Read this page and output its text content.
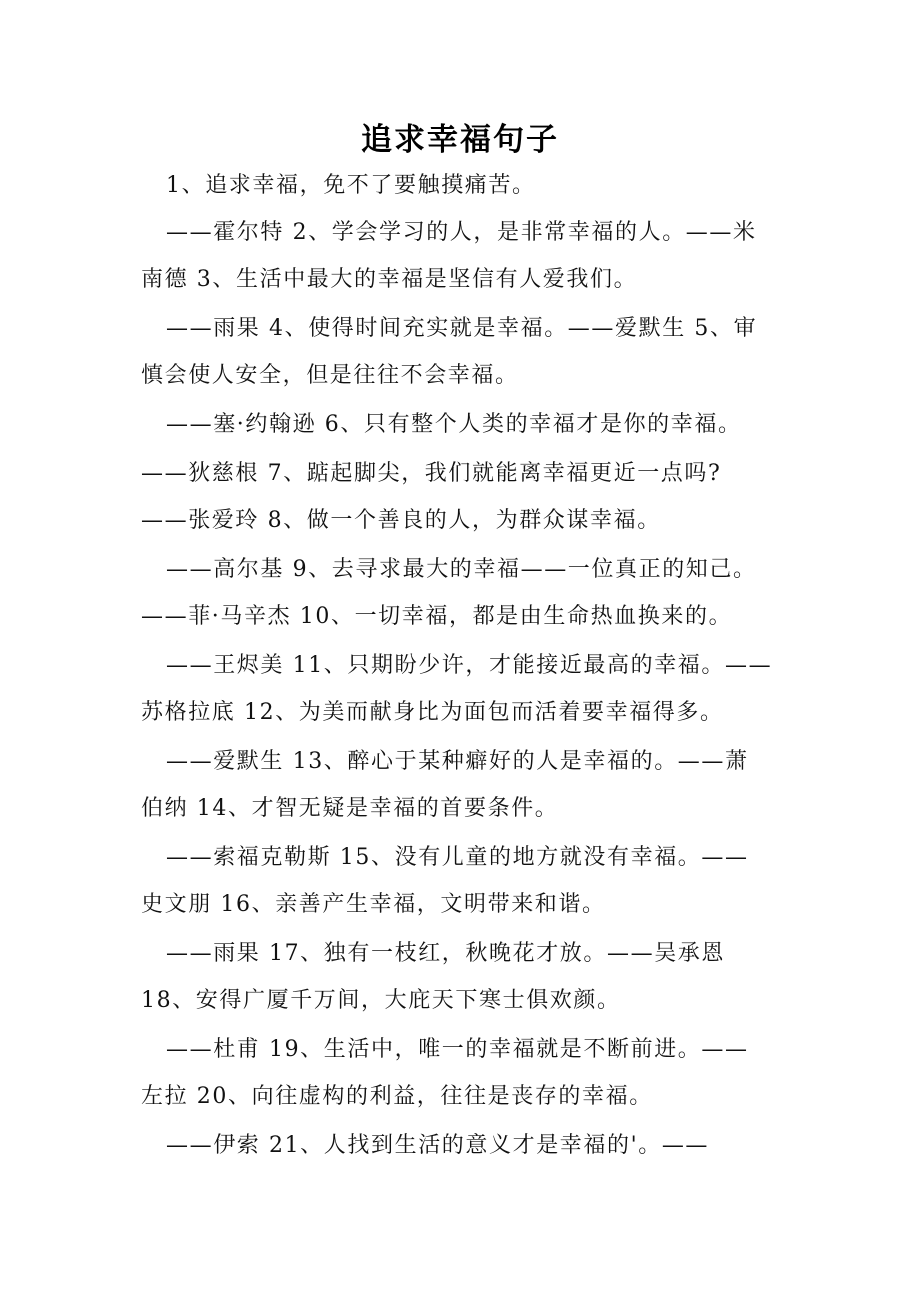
追求幸福句子
1、追求幸福，免不了要触摸痛苦。
——霍尔特 2、学会学习的人，是非常幸福的人。——米
南德 3、生活中最大的幸福是坚信有人爱我们。
——雨果 4、使得时间充实就是幸福。——爱默生 5、审
慎会使人安全，但是往往不会幸福。
——塞·约翰逊 6、只有整个人类的幸福才是你的幸福。
——狄慈根 7、踮起脚尖，我们就能离幸福更近一点吗?
——张爱玲 8、做一个善良的人，为群众谋幸福。
——高尔基 9、去寻求最大的幸福——一位真正的知己。
——菲·马辛杰 10、一切幸福，都是由生命热血换来的。
——王烬美 11、只期盼少许，才能接近最高的幸福。——
苏格拉底 12、为美而献身比为面包而活着要幸福得多。
——爱默生 13、醉心于某种癖好的人是幸福的。——萧
伯纳 14、才智无疑是幸福的首要条件。
——索福克勒斯 15、没有儿童的地方就没有幸福。——
史文朋 16、亲善产生幸福，文明带来和谐。
——雨果 17、独有一枝红，秋晚花才放。——吴承恩
18、安得广厦千万间，大庇天下寒士俱欢颜。
——杜甫 19、生活中，唯一的幸福就是不断前进。——
左拉 20、向往虚构的利益，往往是丧存的幸福。
——伊索 21、人找到生活的意义才是幸福的'。——
